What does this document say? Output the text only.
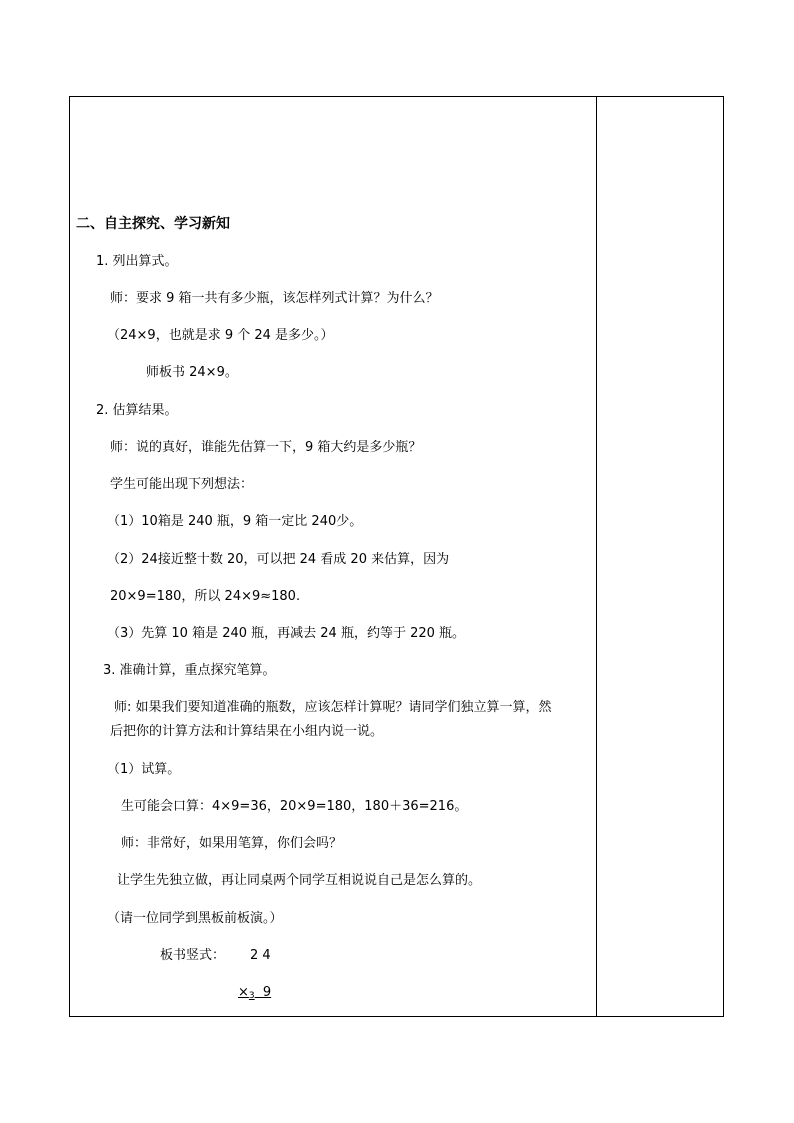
二、自主探究、学习新知
1. 列出算式。
师：要求 9 箱一共有多少瓶，该怎样列式计算？为什么？
（24×9，也就是求 9 个 24 是多少。）
师板书 24×9。
2. 估算结果。
师：说的真好，谁能先估算一下，9 箱大约是多少瓶？
学生可能出现下列想法：
（1）10箱是 240 瓶，9 箱一定比 240少。
（2）24接近整十数 20，可以把 24 看成 20 来估算，因为
20×9=180，所以 24×9≈180.
（3）先算 10 箱是 240 瓶，再减去 24 瓶，约等于 220 瓶。
3. 准确计算，重点探究笔算。
师: 如果我们要知道准确的瓶数，应该怎样计算呢？请同学们独立算一算，然
后把你的计算方法和计算结果在小组内说一说。
（1）试算。
生可能会口算：4×9=36，20×9=180，180＋36=216。
师：非常好，如果用笔算，你们会吗？
让学生先独立做，再让同桌两个同学互相说说自己是怎么算的。
（请一位同学到黑板前板演。）
板书竖式： 2 4
$\times_3$ 9
